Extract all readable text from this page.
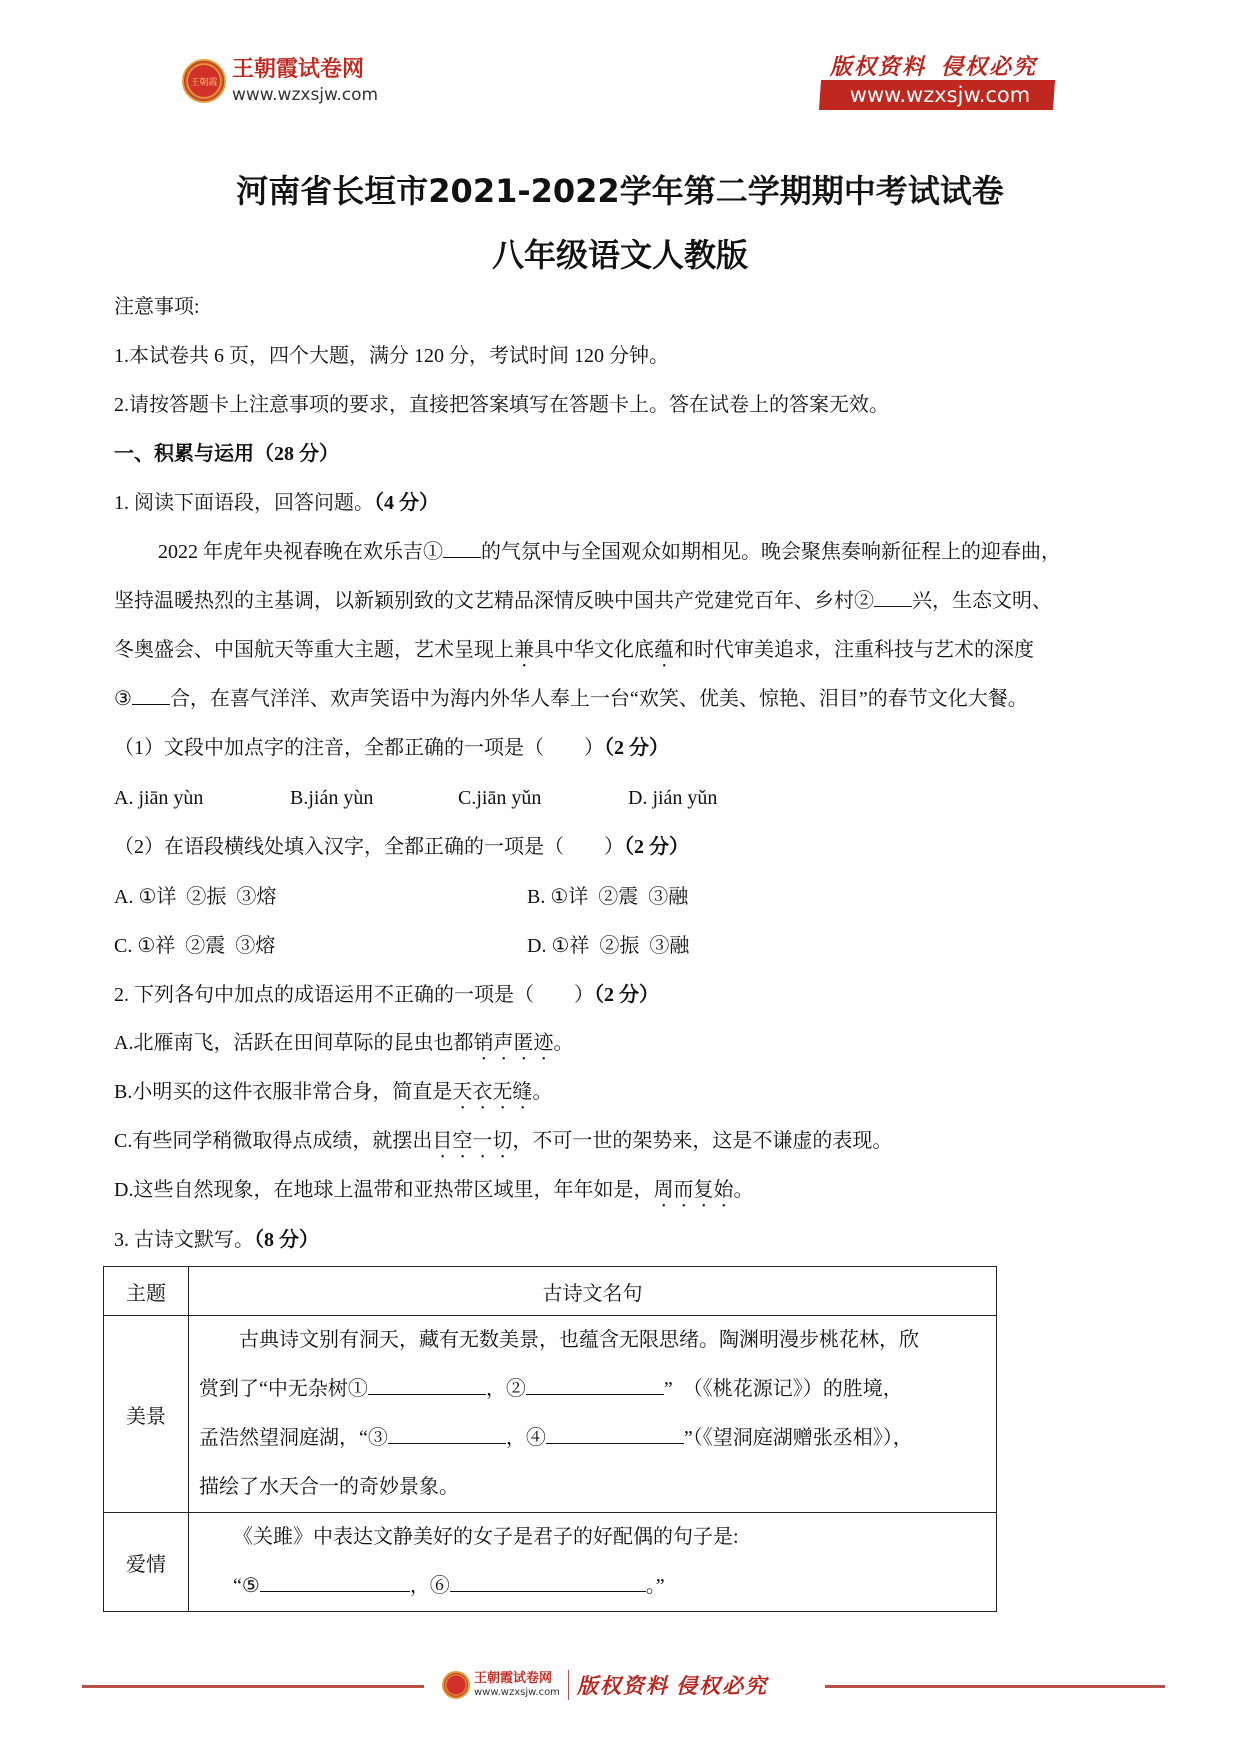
王朝霞 王朝霞试卷网
www.wzxsjw.com
版权资料  侵权必究
www.wzxsjw.com
河南省长垣市2021-2022学年第二学期期中考试试卷
八年级语文人教版
注意事项:
1.本试卷共 6 页，四个大题，满分 120 分，考试时间 120 分钟。
2.请按答题卡上注意事项的要求，直接把答案填写在答题卡上。答在试卷上的答案无效。
一、积累与运用（28 分）
1. 阅读下面语段，回答问题。（4 分）
2022 年虎年央视春晚在欢乐吉① 的气氛中与全国观众如期相见。晚会聚焦奏响新征程上的迎春曲，
坚持温暖热烈的主基调，以新颖别致的文艺精品深情反映中国共产党建党百年、乡村② 兴，生态文明、
冬奥盛会、中国航天等重大主题，艺术呈现上兼具中华文化底蕴和时代审美追求，注重科技与艺术的深度
③ 合，在喜气洋洋、欢声笑语中为海内外华人奉上一台“欢笑、优美、惊艳、泪目”的春节文化大餐。
（1）文段中加点字的注音，全都正确的一项是（        ）（2 分）
A. jiān yùn	B.jián yùn	C.jiān yǔn	D. jián yǔn
（2）在语段横线处填入汉字，全都正确的一项是（        ）（2 分）
A. ①详  ②振  ③熔	B. ①详  ②震  ③融
C. ①祥  ②震  ③熔	D. ①祥  ②振  ③融
2. 下列各句中加点的成语运用不正确的一项是（        ）（2 分）
A.北雁南飞，活跃在田间草际的昆虫也都销声匿迹。
B.小明买的这件衣服非常合身，简直是天衣无缝。
C.有些同学稍微取得点成绩，就摆出目空一切，不可一世的架势来，这是不谦虚的表现。
D.这些自然现象，在地球上温带和亚热带区域里，年年如是，周而复始。
3. 古诗文默写。（8 分）
主题	古诗文名句
美景	古典诗文别有洞天，藏有无数美景，也蕴含无限思绪。陶渊明漫步桃花林，欣
赏到了“中无杂树① ，② ”  （《桃花源记》）的胜境，
孟浩然望洞庭湖，“③ ，④ ”（《望洞庭湖赠张丞相》），
描绘了水天合一的奇妙景象。

爱情	《关雎》中表达文静美好的女子是君子的好配偶的句子是:
“⑤ ，⑥ 。”
王朝霞试卷网
www.wzxsjw.com 版权资料 侵权必究
